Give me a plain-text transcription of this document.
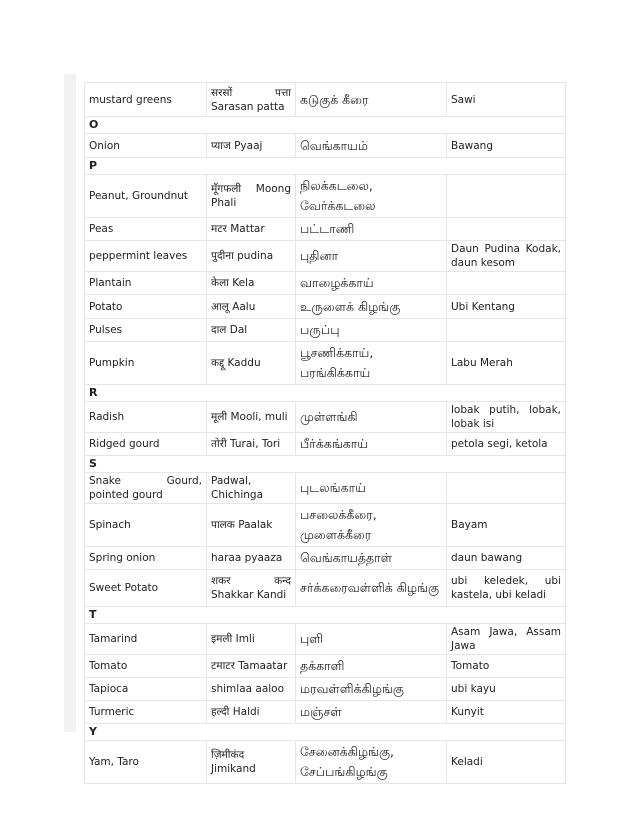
mustard greens	सरसों पत्ता Sarasan patta	கடுகுக் கீரை	Sawi
O			
Onion	प्याज Pyaaj	வெங்காயம்	Bawang
P			
Peanut, Groundnut	मूँगफली Moong Phali	நிலக்கடலை, வேர்க்கடலை	
Peas	मटर Mattar	பட்டாணி	
peppermint leaves	पुदीना pudina	புதினா	Daun Pudina Kodak, daun kesom
Plantain	केला Kela	வாழைக்காய்	
Potato	आलू Aalu	உருளைக் கிழங்கு	Ubi Kentang
Pulses	दाल Dal	பருப்பு	
Pumpkin	कद्दू Kaddu	பூசணிக்காய், பரங்கிக்காய்	Labu Merah
R			
Radish	मूली Mooli, muli	முள்ளங்கி	lobak putih, lobak, lobak isi
Ridged gourd	तोरी Turai, Tori	பீர்க்கங்காய்	petola segi, ketola
S			
Snake Gourd, pointed gourd	Padwal, Chichinga	புடலங்காய்	
Spinach	पालक Paalak	பசலைக்கீரை, முளைக்கீரை	Bayam
Spring onion	haraa pyaaza	வெங்காயத்தாள்	daun bawang
Sweet Potato	शकर कन्द Shakkar Kandi	சர்க்கரைவள்ளிக் கிழங்கு	ubi keledek, ubi kastela, ubi keladi
T			
Tamarind	इमली Imli	புளி	Asam Jawa, Assam Jawa
Tomato	टमाटर Tamaatar	தக்காளி	Tomato
Tapioca	shimlaa aaloo	மரவள்ளிக்கிழங்கு	ubi kayu
Turmeric	हल्दी Haldi	மஞ்சள்	Kunyit
Y			
Yam, Taro	ज़िमीकंद Jimikand	சேனைக்கிழங்கு, சேப்பங்கிழங்கு	Keladi
